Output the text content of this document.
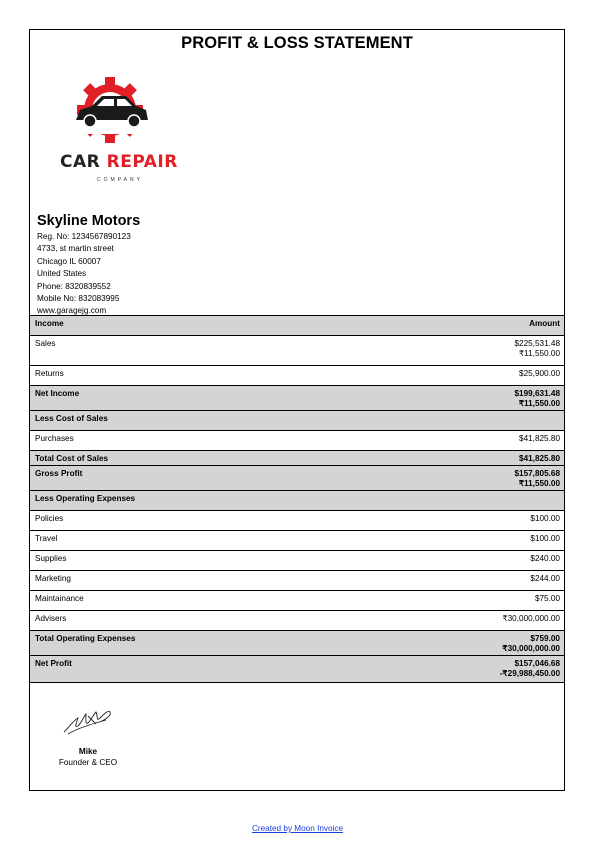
PROFIT & LOSS STATEMENT
CAR REPAIR
COMPANY
Skyline Motors
Reg. No: 1234567890123
4733, st martin street
Chicago IL 60007
United States
Phone: 8320839552
Mobile No: 832083995
www.garagejg.com
Income	Amount
Sales	$225,531.48
₹11,550.00
Returns	$25,900.00
Net Income	$199,631.48
₹11,550.00
Less Cost of Sales
Purchases	$41,825.80
Total Cost of Sales	$41,825.80
Gross Profit	$157,805.68
₹11,550.00
Less Operating Expenses
Policies	$100.00
Travel	$100.00
Supplies	$240.00
Marketing	$244.00
Maintainance	$75.00
Advisers	₹30,000,000.00
Total Operating Expenses	$759.00
₹30,000,000.00
Net Profit	$157,046.68
-₹29,988,450.00
Mike
Founder & CEO
Created by Moon Invoice
